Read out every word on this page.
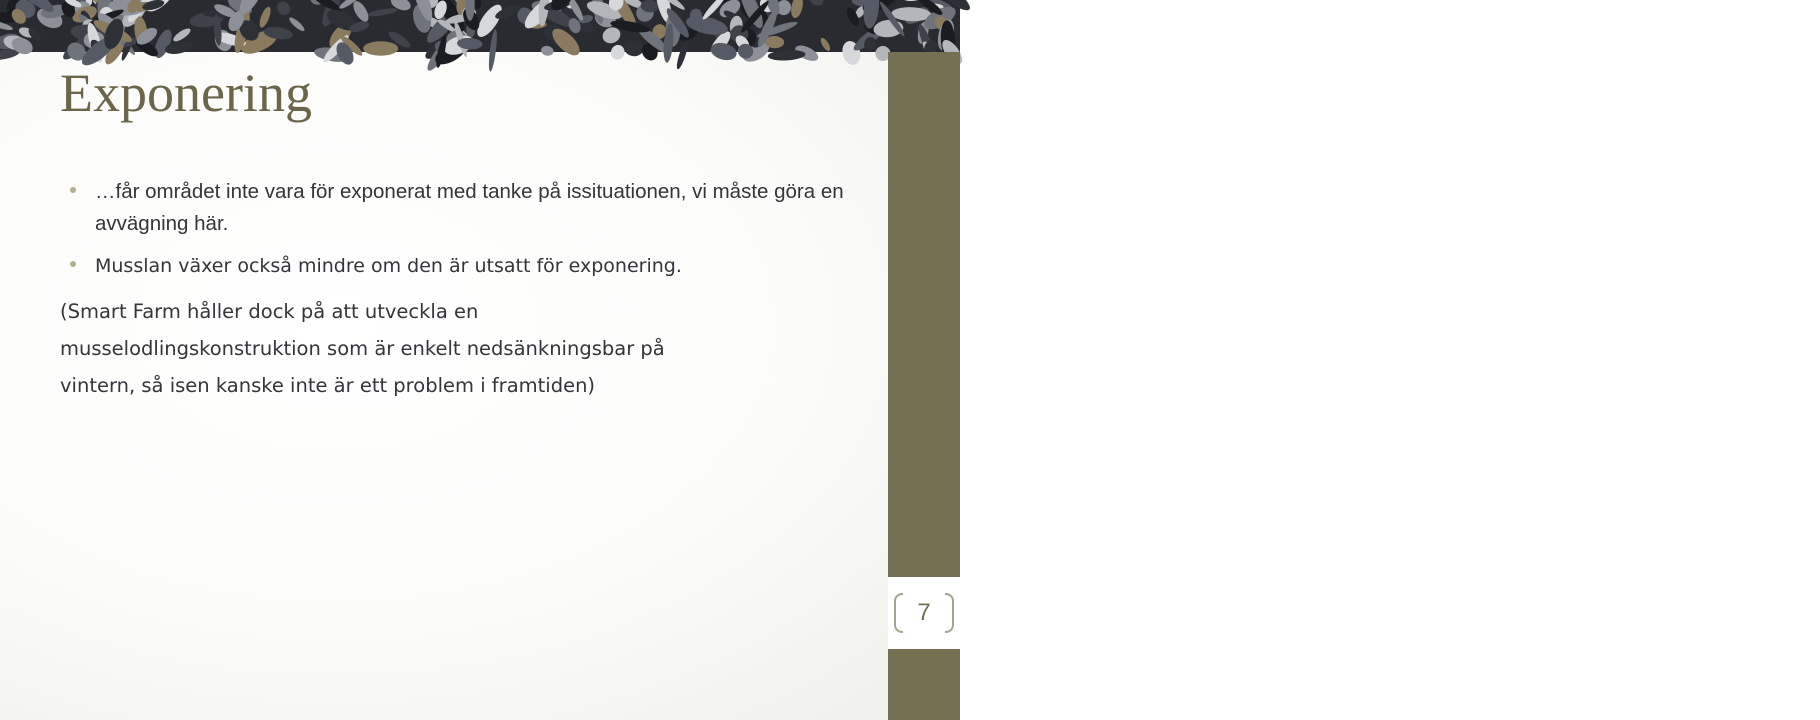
Exponering
…får området inte vara för exponerat med tanke på issituationen, vi måste göra en avvägning här.
Musslan växer också mindre om den är utsatt för exponering.

(Smart Farm håller dock på att utveckla en
musselodlingskonstruktion som är enkelt nedsänkningsbar på
vintern, så isen kanske inte är ett problem i framtiden)

2011-10-26
7
